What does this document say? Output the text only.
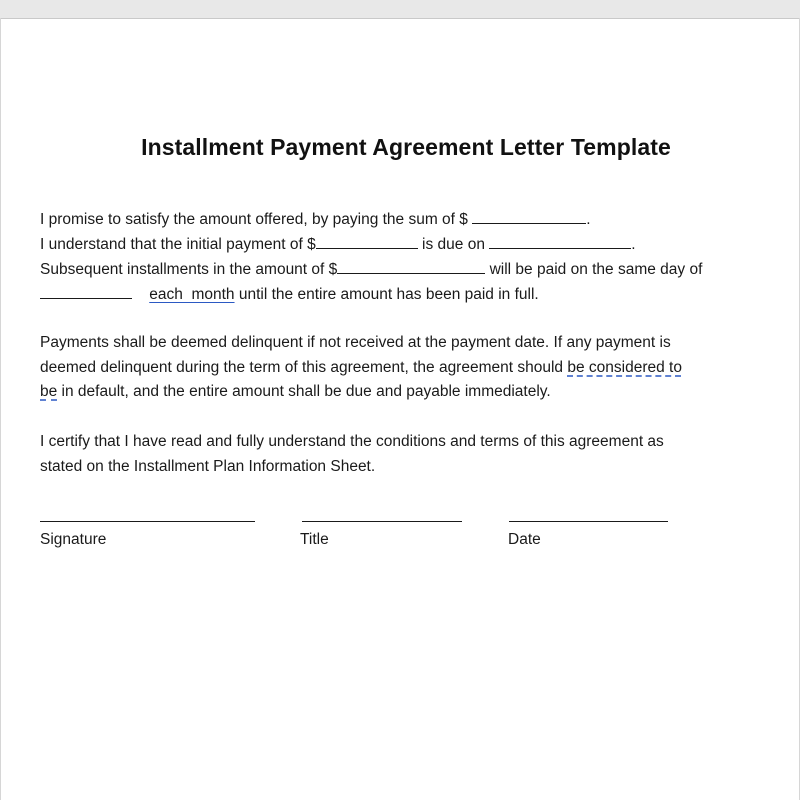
Installment Payment Agreement Letter Template
I promise to satisfy the amount offered, by paying the sum of $	.
I understand that the initial payment of $	is due on	.
Subsequent installments in the amount of $	will be paid on the same day of
each  month until the entire amount has been paid in full.
Payments shall be deemed delinquent if not received at the payment date. If any payment is
deemed delinquent during the term of this agreement, the agreement should be considered to
be in default, and the entire amount shall be due and payable immediately.
I certify that I have read and fully understand the conditions and terms of this agreement as
stated on the Installment Plan Information Sheet.
Signature	Title	Date
